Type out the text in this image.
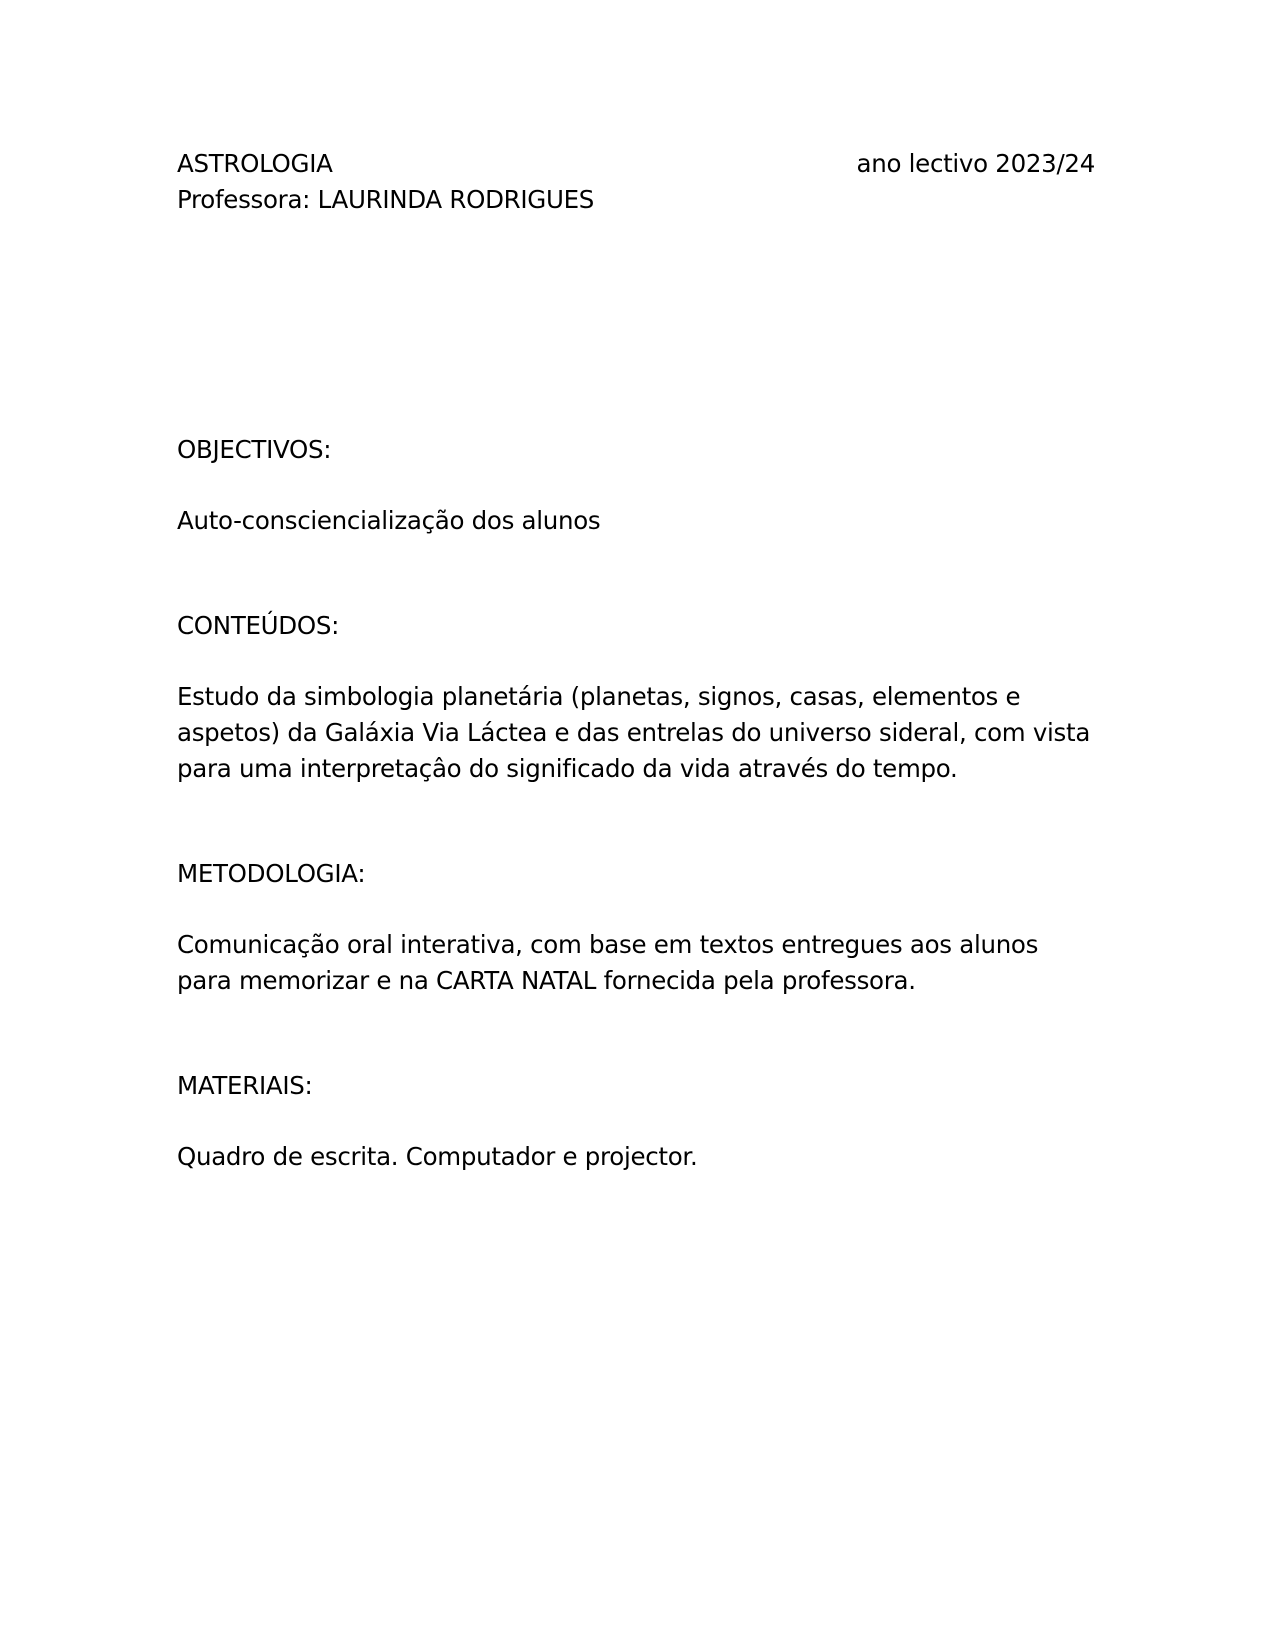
ASTROLOGIA	ano lectivo 2023/24
Professora: LAURINDA RODRIGUES
OBJECTIVOS:
Auto-consciencialização dos alunos
CONTEÚDOS:
Estudo da simbologia planetária (planetas, signos, casas, elementos e
aspetos) da Galáxia Via Láctea e das entrelas do universo sideral, com vista
para uma interpretaçâo do significado da vida através do tempo.
METODOLOGIA:
Comunicação oral interativa, com base em textos entregues aos alunos
para memorizar e na CARTA NATAL fornecida pela professora.
MATERIAIS:
Quadro de escrita. Computador e projector.
